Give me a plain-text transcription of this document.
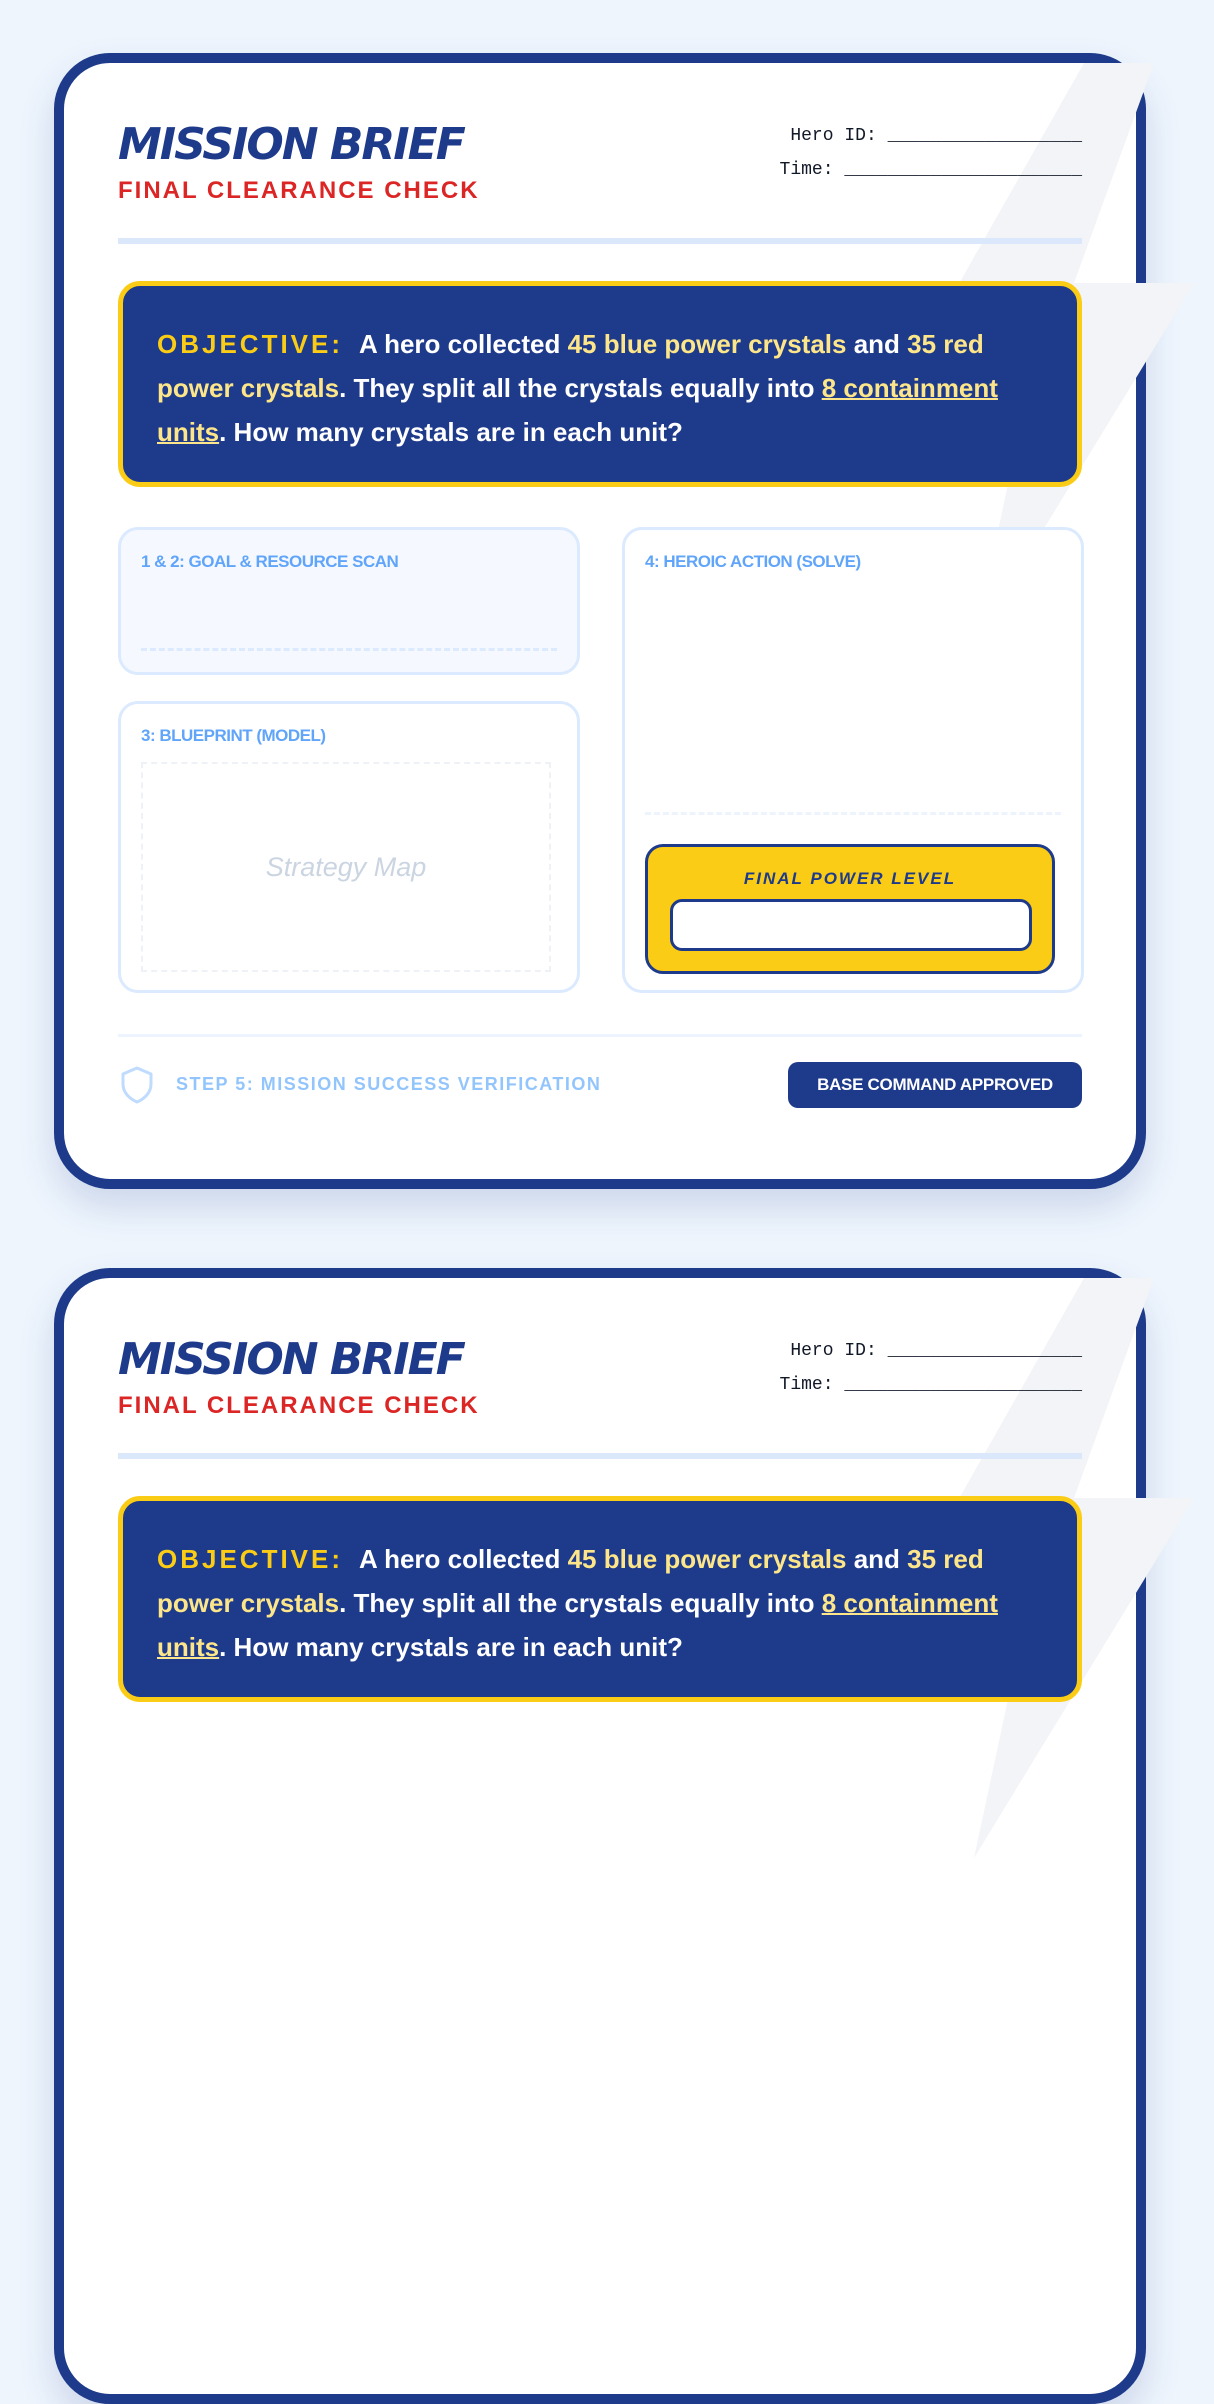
MISSION BRIEF
FINAL CLEARANCE CHECK
Hero ID: __________________
Time: ______________________
OBJECTIVE: A hero collected 45 blue power crystals and 35 red power crystals. They split all the crystals equally into 8 containment units. How many crystals are in each unit?
1 & 2: GOAL & RESOURCE SCAN
3: BLUEPRINT (MODEL)
Strategy Map
4: HEROIC ACTION (SOLVE)
FINAL POWER LEVEL
STEP 5: MISSION SUCCESS VERIFICATION	BASE COMMAND APPROVED
MISSION BRIEF
FINAL CLEARANCE CHECK
Hero ID: __________________
Time: ______________________
OBJECTIVE: A hero collected 45 blue power crystals and 35 red power crystals. They split all the crystals equally into 8 containment units. How many crystals are in each unit?
